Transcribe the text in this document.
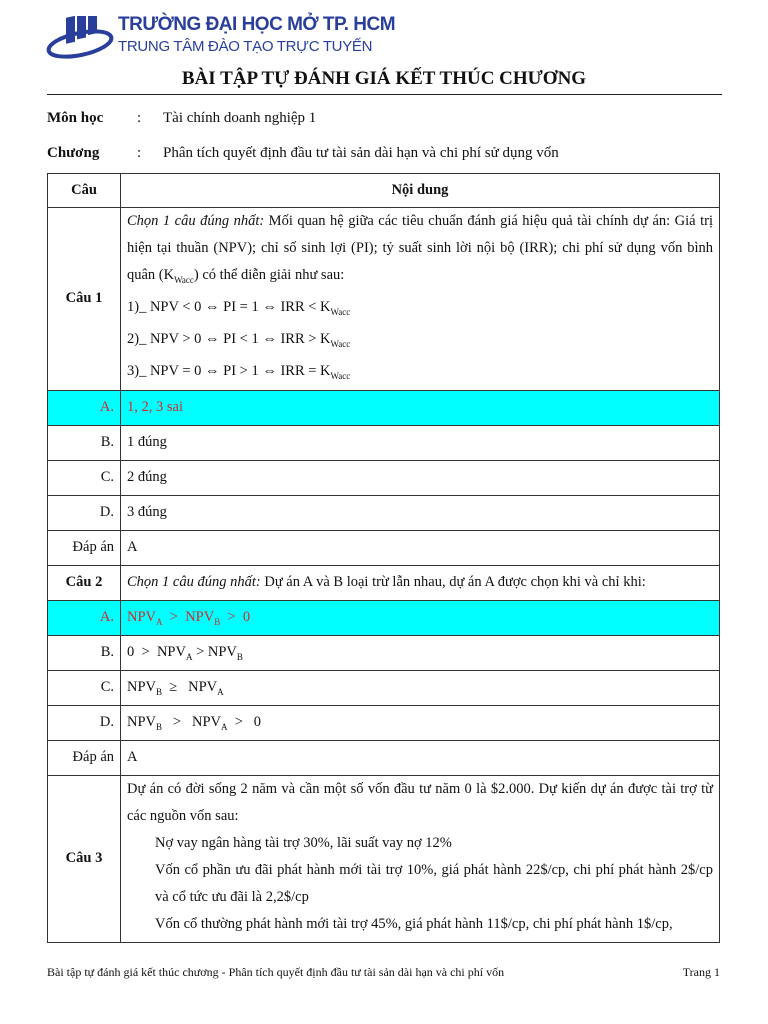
TRƯỜNG ĐẠI HỌC MỞ TP. HCM
TRUNG TÂM ĐÀO TẠO TRỰC TUYẾN
BÀI TẬP TỰ ĐÁNH GIÁ KẾT THÚC CHƯƠNG
Môn học : Tài chính doanh nghiệp 1
Chương	: Phân tích quyết định đầu tư tài sản dài hạn và chi phí sử dụng vốn
Câu	Nội dung
Câu 1	Chọn 1 câu đúng nhất: Mối quan hệ giữa các tiêu chuẩn đánh giá hiệu quả tài chính dự án: Giá trị hiện tại thuần (NPV); chỉ số sinh lợi (PI); tỷ suất sinh lời nội bộ (IRR); chi phí sử dụng vốn bình quân $(K_{Wacc})$ có thể diễn giải như sau:
1)_ NPV < 0 ⇔ PI = 1 ⇔ IRR < $K_{Wacc}$
2)_ NPV > 0 ⇔ PI < 1 ⇔ IRR > $K_{Wacc}$
3)_ NPV = 0 ⇔ PI > 1 ⇔ IRR = $K_{Wacc}$
A.	1, 2, 3 sai
B.	1 đúng
C.	2 đúng
D.	3 đúng
Đáp án	A
Câu 2	Chọn 1 câu đúng nhất: Dự án A và B loại trừ lẫn nhau, dự án A được chọn khi và chỉ khi:
A.	$NPV_A > NPV_B > 0$
B.	$0 > NPV_A > NPV_B$
C.	$NPV_B \ge NPV_A$
D.	$NPV_B > NPV_A > 0$
Đáp án	A
Câu 3	Dự án có đời sống 2 năm và cần một số vốn đầu tư năm 0 là $2.000. Dự kiến dự án được tài trợ từ các nguồn vốn sau:
Nợ vay ngân hàng tài trợ 30%, lãi suất vay nợ 12%
Vốn cổ phần ưu đãi phát hành mới tài trợ 10%, giá phát hành 22$/cp, chi phí phát hành 2$/cp và cổ tức ưu đãi là 2,2$/cp
Vốn cổ thường phát hành mới tài trợ 45%, giá phát hành 11$/cp, chi phí phát hành 1$/cp,
Bài tập tự đánh giá kết thúc chương - Phân tích quyết định đầu tư tài sản dài hạn và chi phí vốn	Trang 1
